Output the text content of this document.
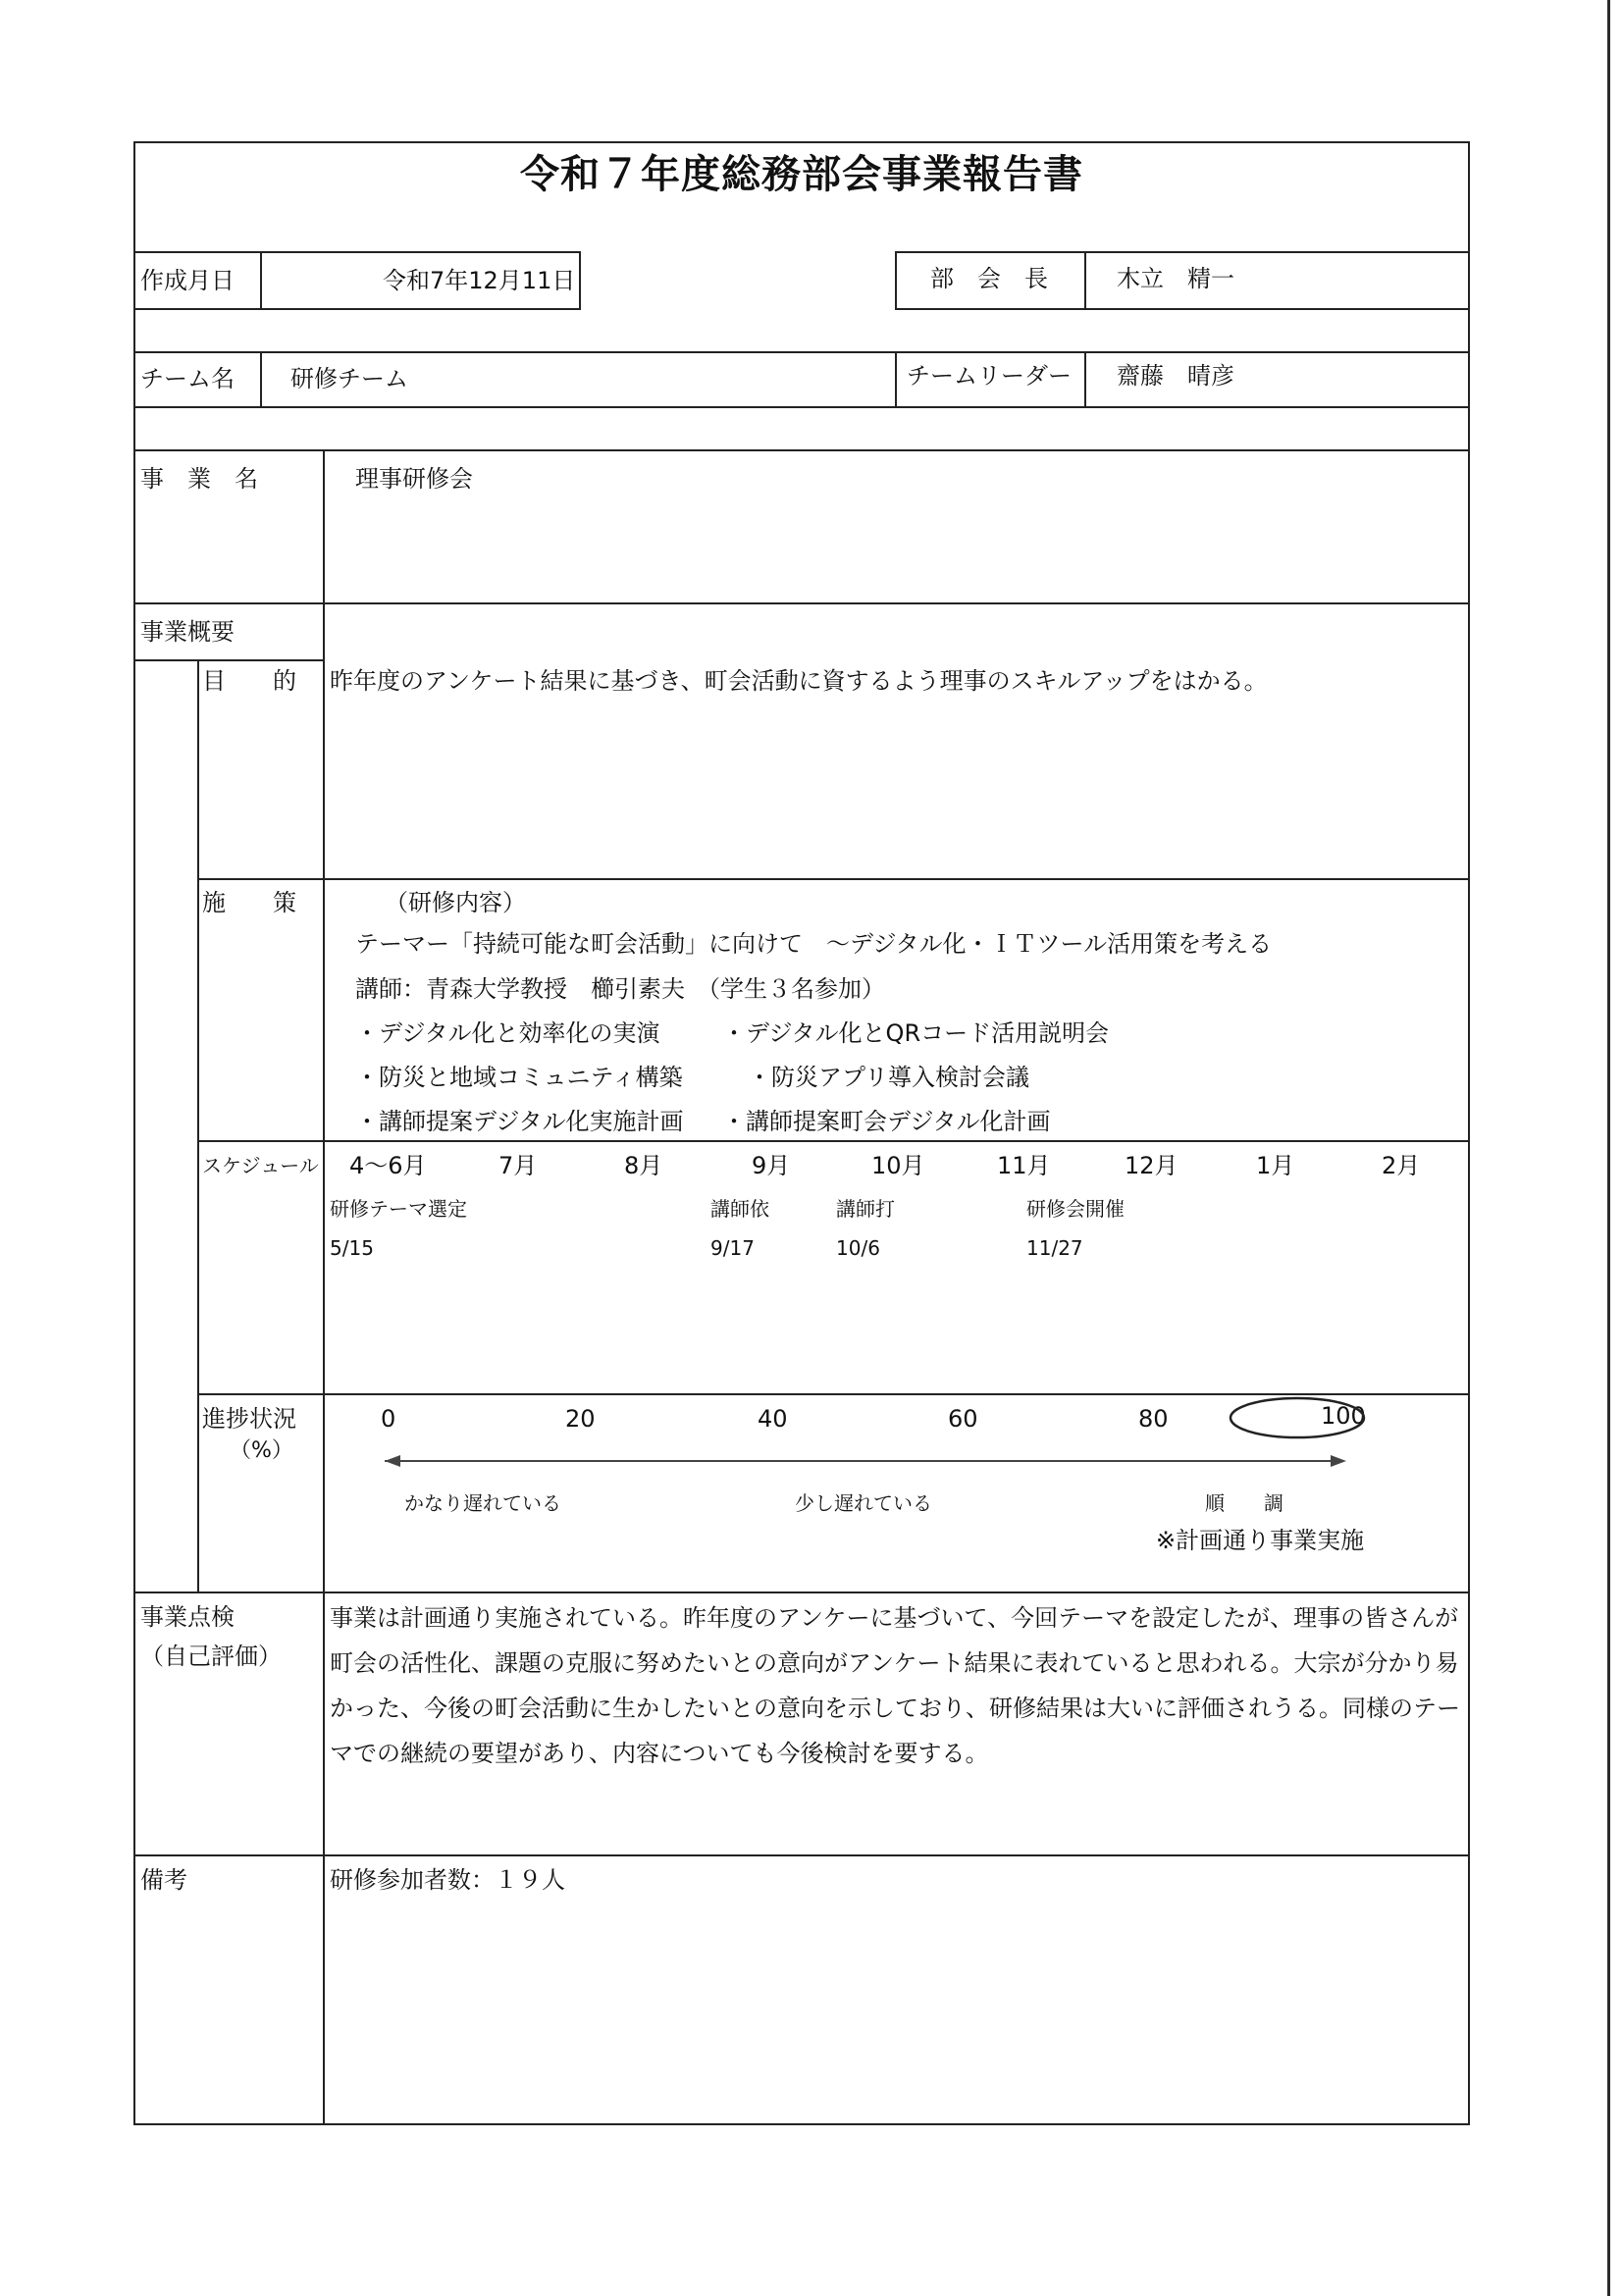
令和７年度総務部会事業報告書
作成月日	令和7年12月11日	部　会　長	木立　精一
チーム名 研修チーム	チームリーダー 齋藤　晴彦
事　業　名	理事研修会
事業概要
目　　的 昨年度のアンケート結果に基づき、町会活動に資するよう理事のスキルアップをはかる。
施　　策	（研修内容）
テーマー「持続可能な町会活動」に向けて　～デジタル化・ＩＴツール活用策を考える
講師：青森大学教授　櫛引素夫　（学生３名参加）
・デジタル化と効率化の実演	・デジタル化とQRコード活用説明会
・防災と地域コミュニティ構築	・防災アプリ導入検討会議
・講師提案デジタル化実施計画 ・講師提案町会デジタル化計画
スケジュール 4～6月	7月	8月	9月	10月	11月	12月	1月	2月
研修テーマ選定
5/15
講師依
9/17
講師打
10/6
研修会開催
11/27
進捗状況
（%）
0	20	40	60	80	100
かなり遅れている	少し遅れている	順　　調
※計画通り事業実施
事業点検
（自己評価）
事業は計画通り実施されている。昨年度のアンケーに基づいて、今回テーマを設定したが、理事の皆さんが町会の活性化、課題の克服に努めたいとの意向がアンケート結果に表れていると思われる。大宗が分かり易かった、今後の町会活動に生かしたいとの意向を示しており、研修結果は大いに評価されうる。同様のテーマでの継続の要望があり、内容についても今後検討を要する。
備考	研修参加者数：１９人
